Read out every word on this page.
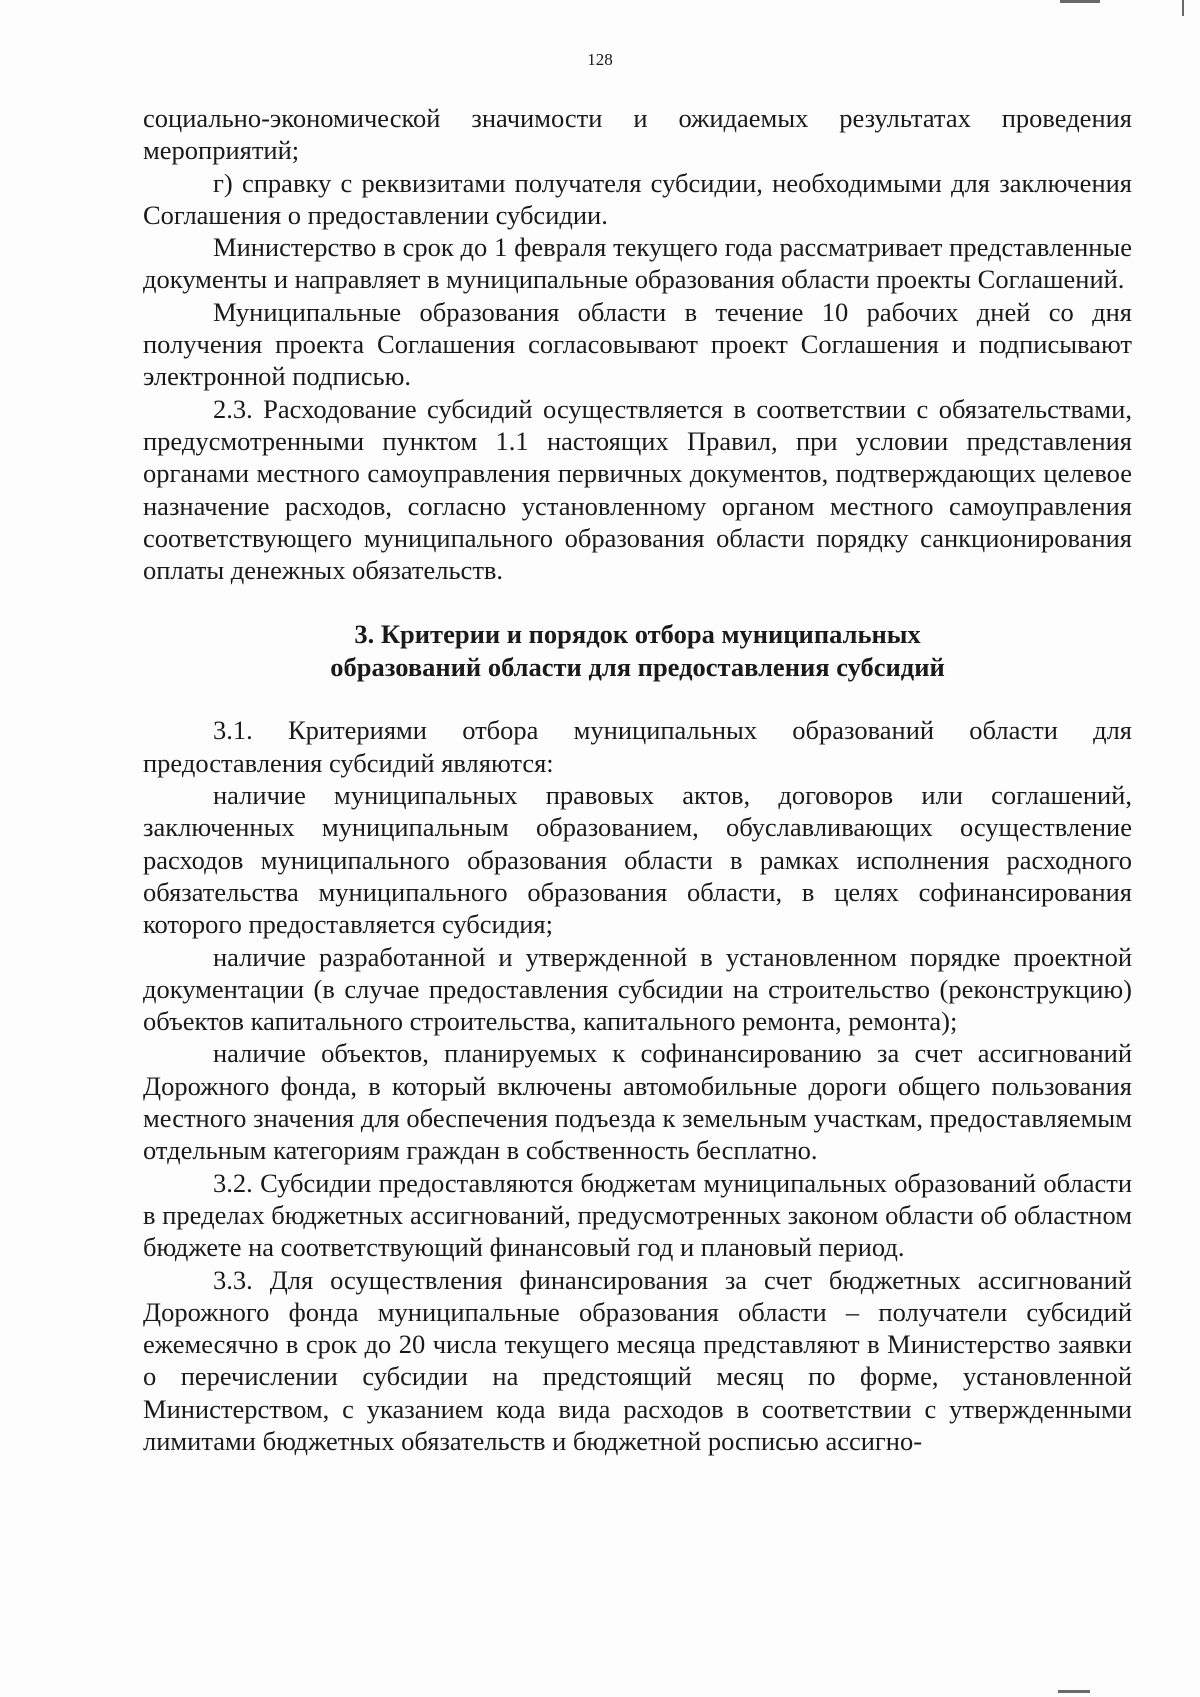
128

социально-экономической значимости и ожидаемых результатах проведения мероприятий;

г) справку с реквизитами получателя субсидии, необходимыми для заключения Соглашения о предоставлении субсидии.

Министерство в срок до 1 февраля текущего года рассматривает представленные документы и направляет в муниципальные образования области проекты Соглашений.

Муниципальные образования области в течение 10 рабочих дней со дня получения проекта Соглашения согласовывают проект Соглашения и подписывают электронной подписью.

2.3. Расходование субсидий осуществляется в соответствии с обязательствами, предусмотренными пунктом 1.1 настоящих Правил, при условии представления органами местного самоуправления первичных документов, подтверждающих целевое назначение расходов, согласно установленному органом местного самоуправления соответствующего муниципального образования области порядку санкционирования оплаты денежных обязательств.

3. Критерии и порядок отбора муниципальных
образований области для предоставления субсидий

3.1. Критериями отбора муниципальных образований области для предоставления субсидий являются:

наличие муниципальных правовых актов, договоров или соглашений, заключенных муниципальным образованием, обуславливающих осуществление расходов муниципального образования области в рамках исполнения расходного обязательства муниципального образования области, в целях софинансирования которого предоставляется субсидия;

наличие разработанной и утвержденной в установленном порядке проектной документации (в случае предоставления субсидии на строительство (реконструкцию) объектов капитального строительства, капитального ремонта, ремонта);

наличие объектов, планируемых к софинансированию за счет ассигнований Дорожного фонда, в который включены автомобильные дороги общего пользования местного значения для обеспечения подъезда к земельным участкам, предоставляемым отдельным категориям граждан в собственность бесплатно.

3.2. Субсидии предоставляются бюджетам муниципальных образований области в пределах бюджетных ассигнований, предусмотренных законом области об областном бюджете на соответствующий финансовый год и плановый период.

3.3. Для осуществления финансирования за счет бюджетных ассигнований Дорожного фонда муниципальные образования области – получатели субсидий ежемесячно в срок до 20 числа текущего месяца представляют в Министерство заявки о перечислении субсидии на предстоящий месяц по форме, установленной Министерством, с указанием кода вида расходов в соответствии с утвержденными лимитами бюджетных обязательств и бюджетной росписью ассигно-
